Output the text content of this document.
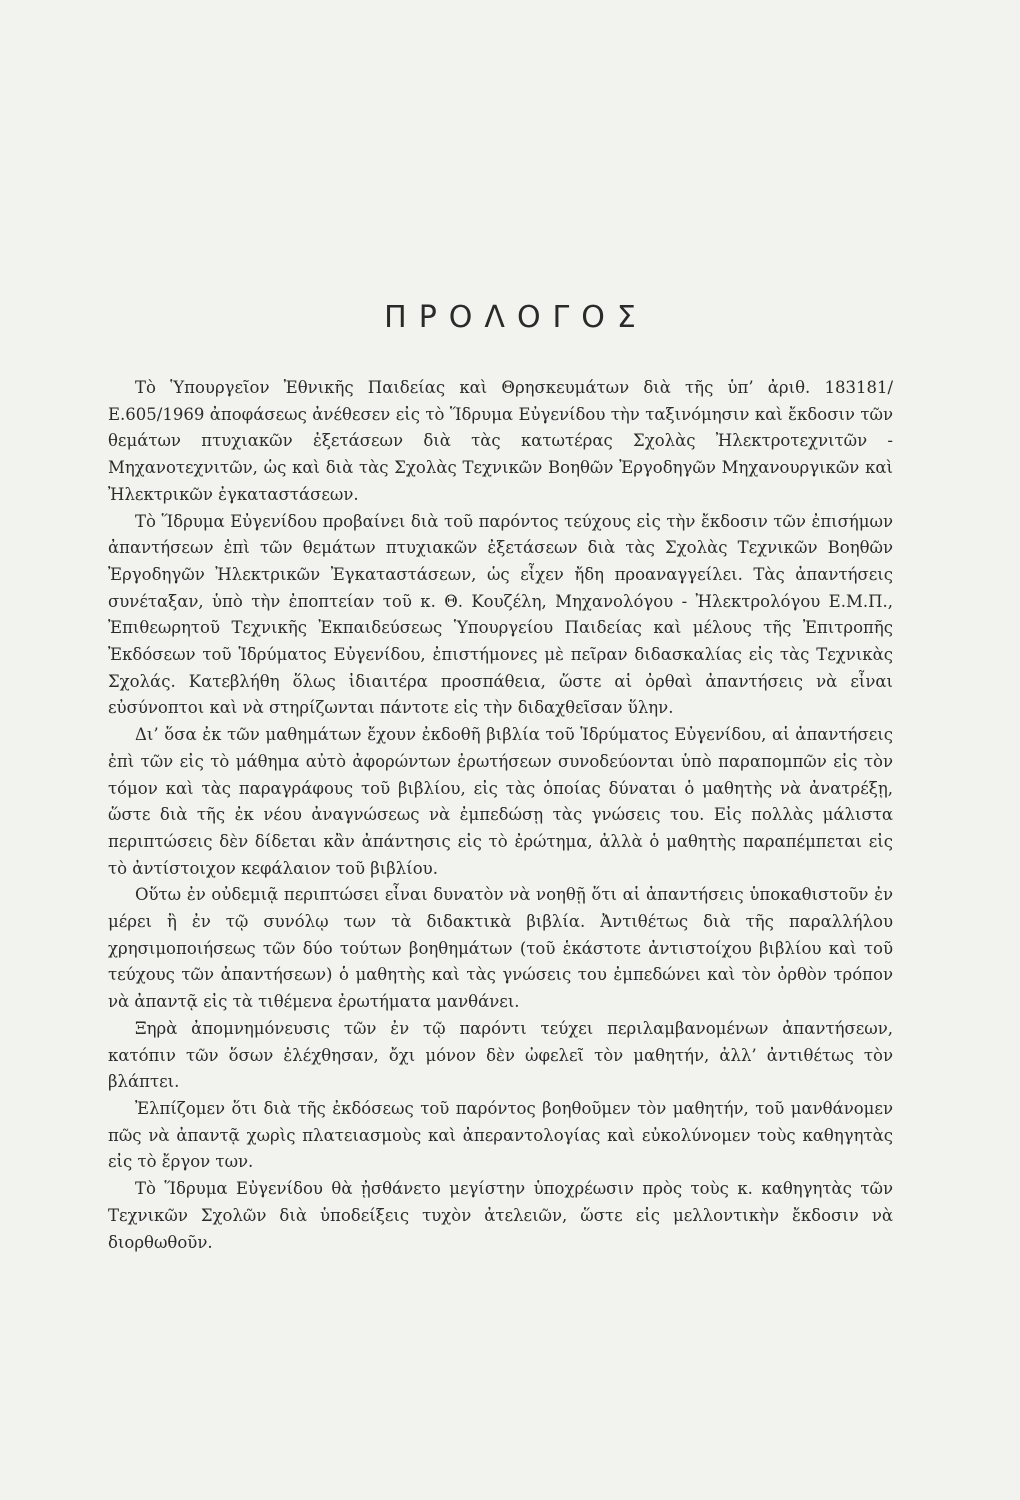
ΠΡΟΛΟΓΟΣ

Τὸ Ὑπουργεῖον Ἐθνικῆς Παιδείας καὶ Θρησκευμάτων διὰ τῆς ὑπ’ ἀριθ. 183181/ Ε.605/1969 ἀποφάσεως ἀνέθεσεν εἰς τὸ Ἵδρυμα Εὐγενίδου τὴν ταξινόμησιν καὶ ἔκδοσιν τῶν θεμάτων πτυχιακῶν ἐξετάσεων διὰ τὰς κατωτέρας Σχολὰς Ἠλεκτροτεχνιτῶν - Μηχανοτεχνιτῶν, ὡς καὶ διὰ τὰς Σχολὰς Τεχνικῶν Βοηθῶν Ἐργοδηγῶν Μηχανουργικῶν καὶ Ἠλεκτρικῶν ἐγκαταστάσεων.

Τὸ Ἵδρυμα Εὐγενίδου προβαίνει διὰ τοῦ παρόντος τεύχους εἰς τὴν ἔκδοσιν τῶν ἐπισήμων ἀπαντήσεων ἐπὶ τῶν θεμάτων πτυχιακῶν ἐξετάσεων διὰ τὰς Σχολὰς Τεχνικῶν Βοηθῶν Ἐργοδηγῶν Ἠλεκτρικῶν Ἐγκαταστάσεων, ὡς εἶχεν ἤδη προαναγγείλει. Τὰς ἀπαντήσεις συνέταξαν, ὑπὸ τὴν ἐποπτείαν τοῦ κ. Θ. Κουζέλη, Μηχανολόγου - Ἠλεκτρολόγου Ε.Μ.Π., Ἐπιθεωρητοῦ Τεχνικῆς Ἐκπαιδεύσεως Ὑπουργείου Παιδείας καὶ μέλους τῆς Ἐπιτροπῆς Ἐκδόσεων τοῦ Ἱδρύματος Εὐγενίδου, ἐπιστήμονες μὲ πεῖραν διδασκαλίας εἰς τὰς Τεχνικὰς Σχολάς. Κατεβλήθη ὅλως ἰδιαιτέρα προσπάθεια, ὥστε αἱ ὀρθαὶ ἀπαντήσεις νὰ εἶναι εὐσύνοπτοι καὶ νὰ στηρίζωνται πάντοτε εἰς τὴν διδαχθεῖσαν ὕλην.

Δι’ ὅσα ἐκ τῶν μαθημάτων ἔχουν ἐκδοθῆ βιβλία τοῦ Ἱδρύματος Εὐγενίδου, αἱ ἀπαντήσεις ἐπὶ τῶν εἰς τὸ μάθημα αὐτὸ ἀφορώντων ἐρωτήσεων συνοδεύονται ὑπὸ παραπομπῶν εἰς τὸν τόμον καὶ τὰς παραγράφους τοῦ βιβλίου, εἰς τὰς ὁποίας δύναται ὁ μαθητὴς νὰ ἀνατρέξῃ, ὥστε διὰ τῆς ἐκ νέου ἀναγνώσεως νὰ ἐμπεδώσῃ τὰς γνώσεις του. Εἰς πολλὰς μάλιστα περιπτώσεις δὲν δίδεται κἂν ἀπάντησις εἰς τὸ ἐρώτημα, ἀλλὰ ὁ μαθητὴς παραπέμπεται εἰς τὸ ἀντίστοιχον κεφάλαιον τοῦ βιβλίου.

Οὕτω ἐν οὐδεμιᾷ περιπτώσει εἶναι δυνατὸν νὰ νοηθῇ ὅτι αἱ ἀπαντήσεις ὑποκαθιστοῦν ἐν μέρει ἢ ἐν τῷ συνόλῳ των τὰ διδακτικὰ βιβλία. Ἀντιθέτως διὰ τῆς παραλλήλου χρησιμοποιήσεως τῶν δύο τούτων βοηθημάτων (τοῦ ἑκάστοτε ἀντιστοίχου βιβλίου καὶ τοῦ τεύχους τῶν ἀπαντήσεων) ὁ μαθητὴς καὶ τὰς γνώσεις του ἐμπεδώνει καὶ τὸν ὀρθὸν τρόπον νὰ ἀπαντᾷ εἰς τὰ τιθέμενα ἐρωτήματα μανθάνει.

Ξηρὰ ἀπομνημόνευσις τῶν ἐν τῷ παρόντι τεύχει περιλαμβανομένων ἀπαντήσεων, κατόπιν τῶν ὅσων ἐλέχθησαν, ὄχι μόνον δὲν ὠφελεῖ τὸν μαθητήν, ἀλλ’ ἀντιθέτως τὸν βλάπτει.

Ἐλπίζομεν ὅτι διὰ τῆς ἐκδόσεως τοῦ παρόντος βοηθοῦμεν τὸν μαθητήν, τοῦ μανθάνομεν πῶς νὰ ἀπαντᾷ χωρὶς πλατειασμοὺς καὶ ἀπεραντολογίας καὶ εὐκολύνομεν τοὺς καθηγητὰς εἰς τὸ ἔργον των.

Τὸ Ἵδρυμα Εὐγενίδου θὰ ᾐσθάνετο μεγίστην ὑποχρέωσιν πρὸς τοὺς κ. καθηγητὰς τῶν Τεχνικῶν Σχολῶν διὰ ὑποδείξεις τυχὸν ἀτελειῶν, ὥστε εἰς μελλοντικὴν ἔκδοσιν νὰ διορθωθοῦν.
